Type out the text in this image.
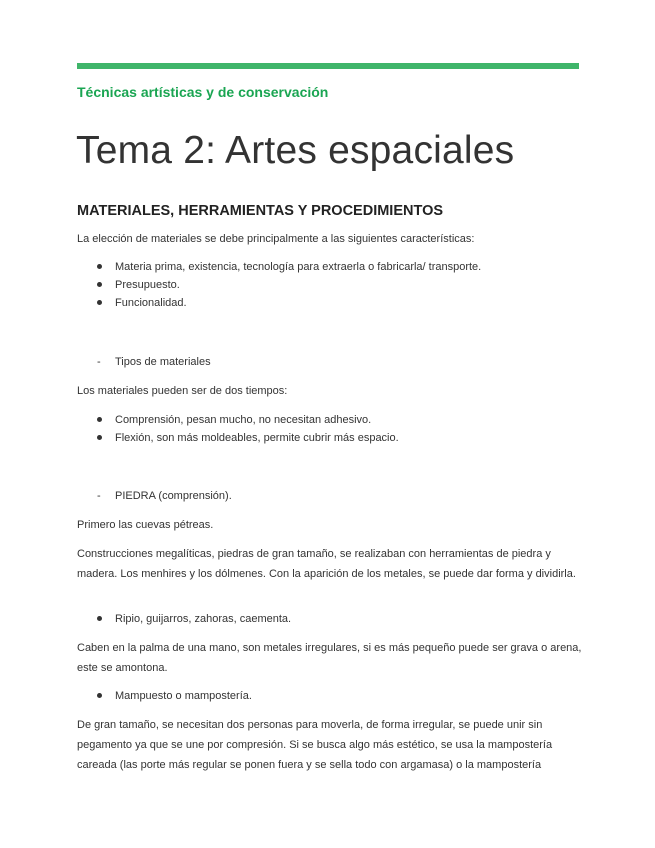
Técnicas artísticas y de conservación
Tema 2: Artes espaciales
MATERIALES, HERRAMIENTAS Y PROCEDIMIENTOS

La elección de materiales se debe principalmente a las siguientes características:

Materia prima, existencia, tecnología para extraerla o fabricarla/ transporte.
Presupuesto.
Funcionalidad.
- Tipos de materiales

Los materiales pueden ser de dos tiempos:

Comprensión, pesan mucho, no necesitan adhesivo.
Flexión, son más moldeables, permite cubrir más espacio.
- PIEDRA (comprensión).

Primero las cuevas pétreas.

Construcciones megalíticas, piedras de gran tamaño, se realizaban con herramientas de piedra y madera. Los menhires y los dólmenes. Con la aparición de los metales, se puede dar forma y dividirla.

Ripio, guijarros, zahoras, caementa.

Caben en la palma de una mano, son metales irregulares, si es más pequeño puede ser grava o arena, este se amontona.

Mampuesto o mampostería.

De gran tamaño, se necesitan dos personas para moverla, de forma irregular, se puede unir sin pegamento ya que se une por compresión. Si se busca algo más estético, se usa la mampostería careada (las porte más regular se ponen fuera y se sella todo con argamasa) o la mampostería
